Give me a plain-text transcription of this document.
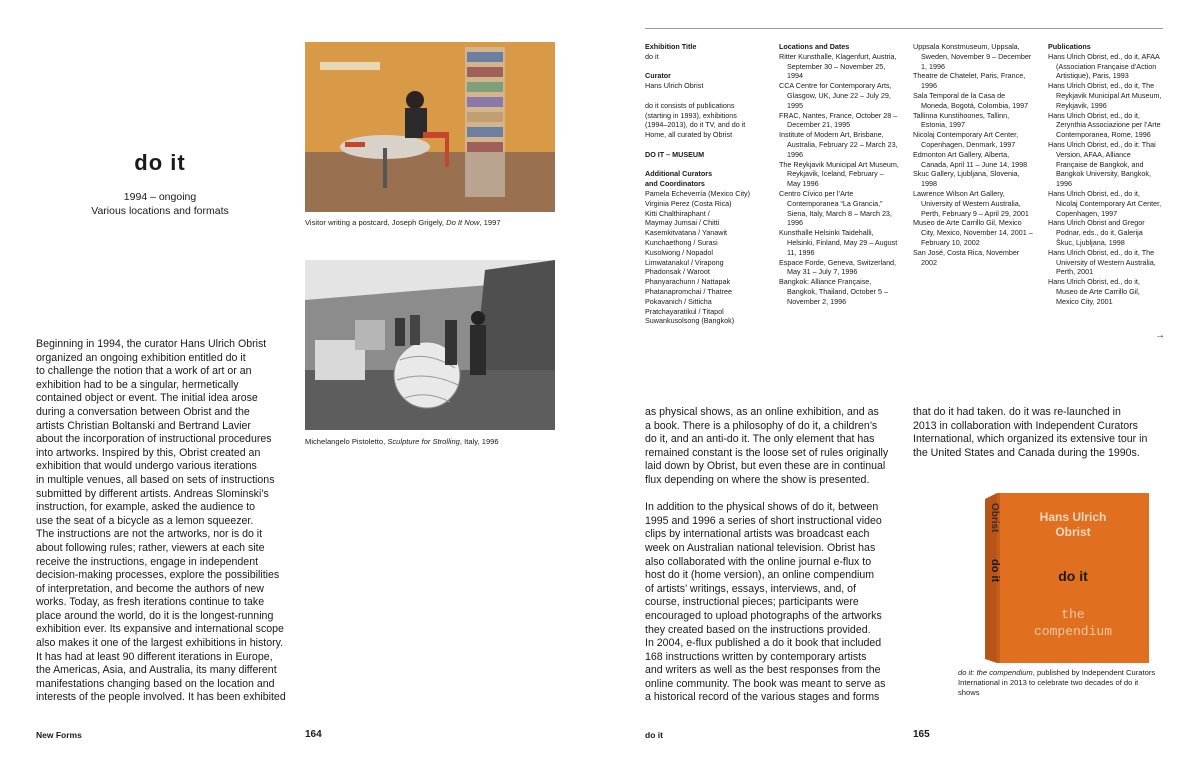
do it
1994 – ongoing
Various locations and formats
Beginning in 1994, the curator Hans Ulrich Obrist
organized an ongoing exhibition entitled do it
to challenge the notion that a work of art or an
exhibition had to be a singular, hermetically
contained object or event. The initial idea arose
during a conversation between Obrist and the
artists Christian Boltanski and Bertrand Lavier
about the incorporation of instructional procedures
into artworks. Inspired by this, Obrist created an
exhibition that would undergo various iterations
in multiple venues, all based on sets of instructions
submitted by different artists. Andreas Slominski’s
instruction, for example, asked the audience to
use the seat of a bicycle as a lemon squeezer.
The instructions are not the artworks, nor is do it
about following rules; rather, viewers at each site
receive the instructions, engage in independent
decision-making processes, explore the possibilities
of interpretation, and become the authors of new
works. Today, as fresh iterations continue to take
place around the world, do it is the longest-running
exhibition ever. Its expansive and international scope
also makes it one of the largest exhibitions in history.
It has had at least 90 different iterations in Europe,
the Americas, Asia, and Australia, its many different
manifestations changing based on the location and
interests of the people involved. It has been exhibited
Visitor writing a postcard, Joseph Grigely, Do It Now, 1997
Michelangelo Pistoletto, Sculpture for Strolling, Italy, 1996
New Forms	164
Exhibition Title
do it
Curator
Hans Ulrich Obrist
do it consists of publications
(starting in 1993), exhibitions
(1994–2013), do it TV, and do it
Home, all curated by Obrist
DO IT – MUSEUM
Additional Curators
and Coordinators
Pamela Echeverría (Mexico City)
Virginia Perez (Costa Rica)
Kitti Chalthiraphant /
Maymay Jumsai / Chitti
Kasemkitvatana / Yanawit
Kunchaethong / Surasi
Kusolwong / Nopadol
Limwatanakul / Virapong
Phadonsak / Waroot
Phanyarachunn / Nattapak
Phatanapromchai / Thatree
Pokavanich / Sitticha
Pratchayaratikul / Titapol
Suwankusolsong (Bangkok)
Locations and Dates
Ritter Kunsthalle, Klagenfurt, Austria, September 30 – November 25, 1994
CCA Centre for Contemporary Arts, Glasgow, UK, June 22 – July 29, 1995
FRAC, Nantes, France, October 28 – December 21, 1995
Institute of Modern Art, Brisbane, Australia, February 22 – March 23, 1996
The Reykjavik Municipal Art Museum, Reykjavik, Iceland, February – May 1996
Centro Cívico per l’Arte Contemporanea “La Grancia,” Siena, Italy, March 8 – March 23, 1996
Kunsthalle Helsinki Taidehalli, Helsinki, Finland, May 29 – August 11, 1996
Espace Forde, Geneva, Switzerland, May 31 – July 7, 1996
Bangkok: Alliance Française, Bangkok, Thailand, October 5 – November 2, 1996
Uppsala Konstmuseum, Uppsala, Sweden, November 9 – December 1, 1996
Theatre de Chatelet, Paris, France, 1996
Sala Temporal de la Casa de Moneda, Bogotá, Colombia, 1997
Tallinna Kunstihoones, Tallinn, Estonia, 1997
Nicolaj Contemporary Art Center, Copenhagen, Denmark, 1997
Edmonton Art Gallery, Alberta, Canada, April 11 – June 14, 1998
Skuc Gallery, Ljubljana, Slovenia, 1998
Lawrence Wilson Art Gallery, University of Western Australia, Perth, February 9 – April 29, 2001
Museo de Arte Carrillo Gil, Mexico City, Mexico, November 14, 2001 – February 10, 2002
San José, Costa Rica, November 2002
Publications
Hans Ulrich Obrist, ed., do it, AFAA (Association Française d’Action Artistique), Paris, 1993
Hans Ulrich Obrist, ed., do it, The Reykjavik Municipal Art Museum, Reykjavik, 1996
Hans Ulrich Obrist, ed., do it, Zerynthia Associazione per l’Arte Contemporanea, Rome, 1996
Hans Ulrich Obrist, ed., do it: Thai Version, AFAA, Alliance Française de Bangkok, and Bangkok University, Bangkok, 1996
Hans Ulrich Obrist, ed., do it, Nicolaj Contemporary Art Center, Copenhagen, 1997
Hans Ulrich Obrist and Gregor Podnar, eds., do it, Galerija Škuc, Ljubljana, 1998
Hans Ulrich Obrist, ed., do it, The University of Western Australia, Perth, 2001
Hans Ulrich Obrist, ed., do it, Museo de Arte Carrillo Gil, Mexico City, 2001
→
as physical shows, as an online exhibition, and as
a book. There is a philosophy of do it, a children’s
do it, and an anti-do it. The only element that has
remained constant is the loose set of rules originally
laid down by Obrist, but even these are in continual
flux depending on where the show is presented.
In addition to the physical shows of do it, between
1995 and 1996 a series of short instructional video
clips by international artists was broadcast each
week on Australian national television. Obrist has
also collaborated with the online journal e-flux to
host do it (home version), an online compendium
of artists’ writings, essays, interviews, and, of
course, instructional pieces; participants were
encouraged to upload photographs of the artworks
they created based on the instructions provided.
In 2004, e-flux published a do it book that included
168 instructions written by contemporary artists
and writers as well as the best responses from the
online community. The book was meant to serve as
a historical record of the various stages and forms
that do it had taken. do it was re-launched in
2013 in collaboration with Independent Curators
International, which organized its extensive tour in
the United States and Canada during the 1990s.
Obrist
do it
Hans Ulrich
Obrist
do it
the
compendium
do it: the compendium, published by Independent Curators International in 2013 to celebrate two decades of do it shows
do it	165
